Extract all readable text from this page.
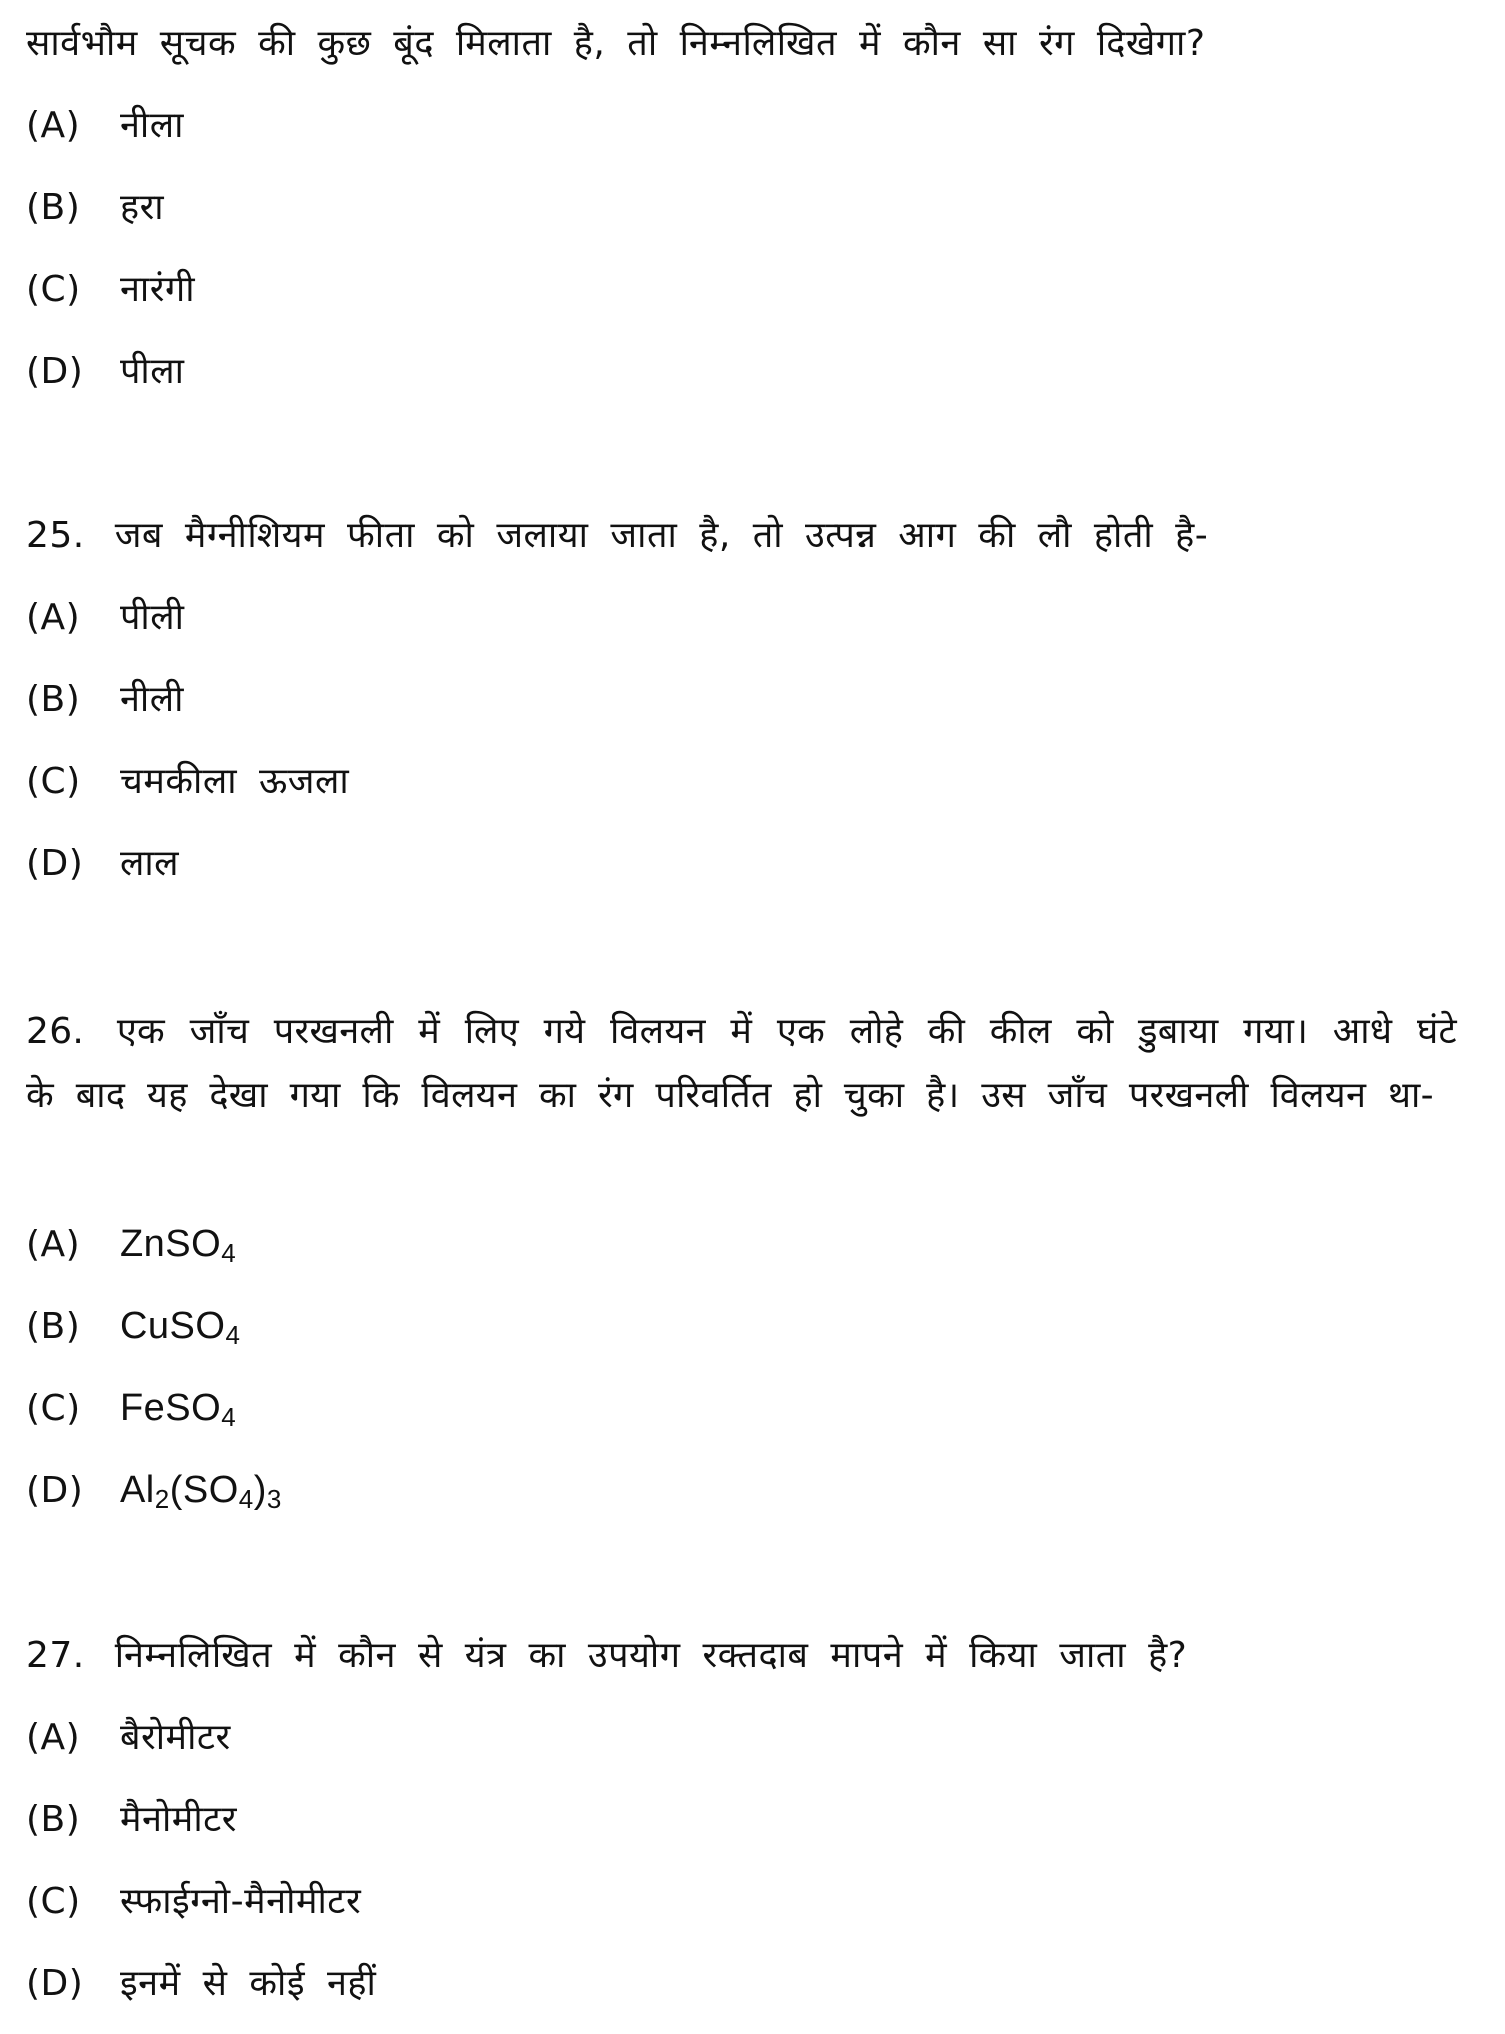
सार्वभौम सूचक की कुछ बूंद मिलाता है, तो निम्नलिखित में कौन सा रंग दिखेगा?
(A) नीला
(B) हरा
(C) नारंगी
(D) पीला
25. जब मैग्नीशियम फीता को जलाया जाता है, तो उत्पन्न आग की लौ होती है-
(A) पीली
(B) नीली
(C) चमकीला ऊजला
(D) लाल
26. एक जाँच परखनली में लिए गये विलयन में एक लोहे की कील को डुबाया गया। आधे घंटे के बाद यह देखा गया कि विलयन का रंग परिवर्तित हो चुका है। उस जाँच परखनली विलयन था-
(A) ZnSO$_4$
(B) CuSO$_4$
(C) FeSO$_4$
(D) $Al_2(SO_4)_3$
27. निम्नलिखित में कौन से यंत्र का उपयोग रक्तदाब मापने में किया जाता है?
(A) बैरोमीटर
(B) मैनोमीटर
(C) स्फाईग्नो-मैनोमीटर
(D) इनमें से कोई नहीं
